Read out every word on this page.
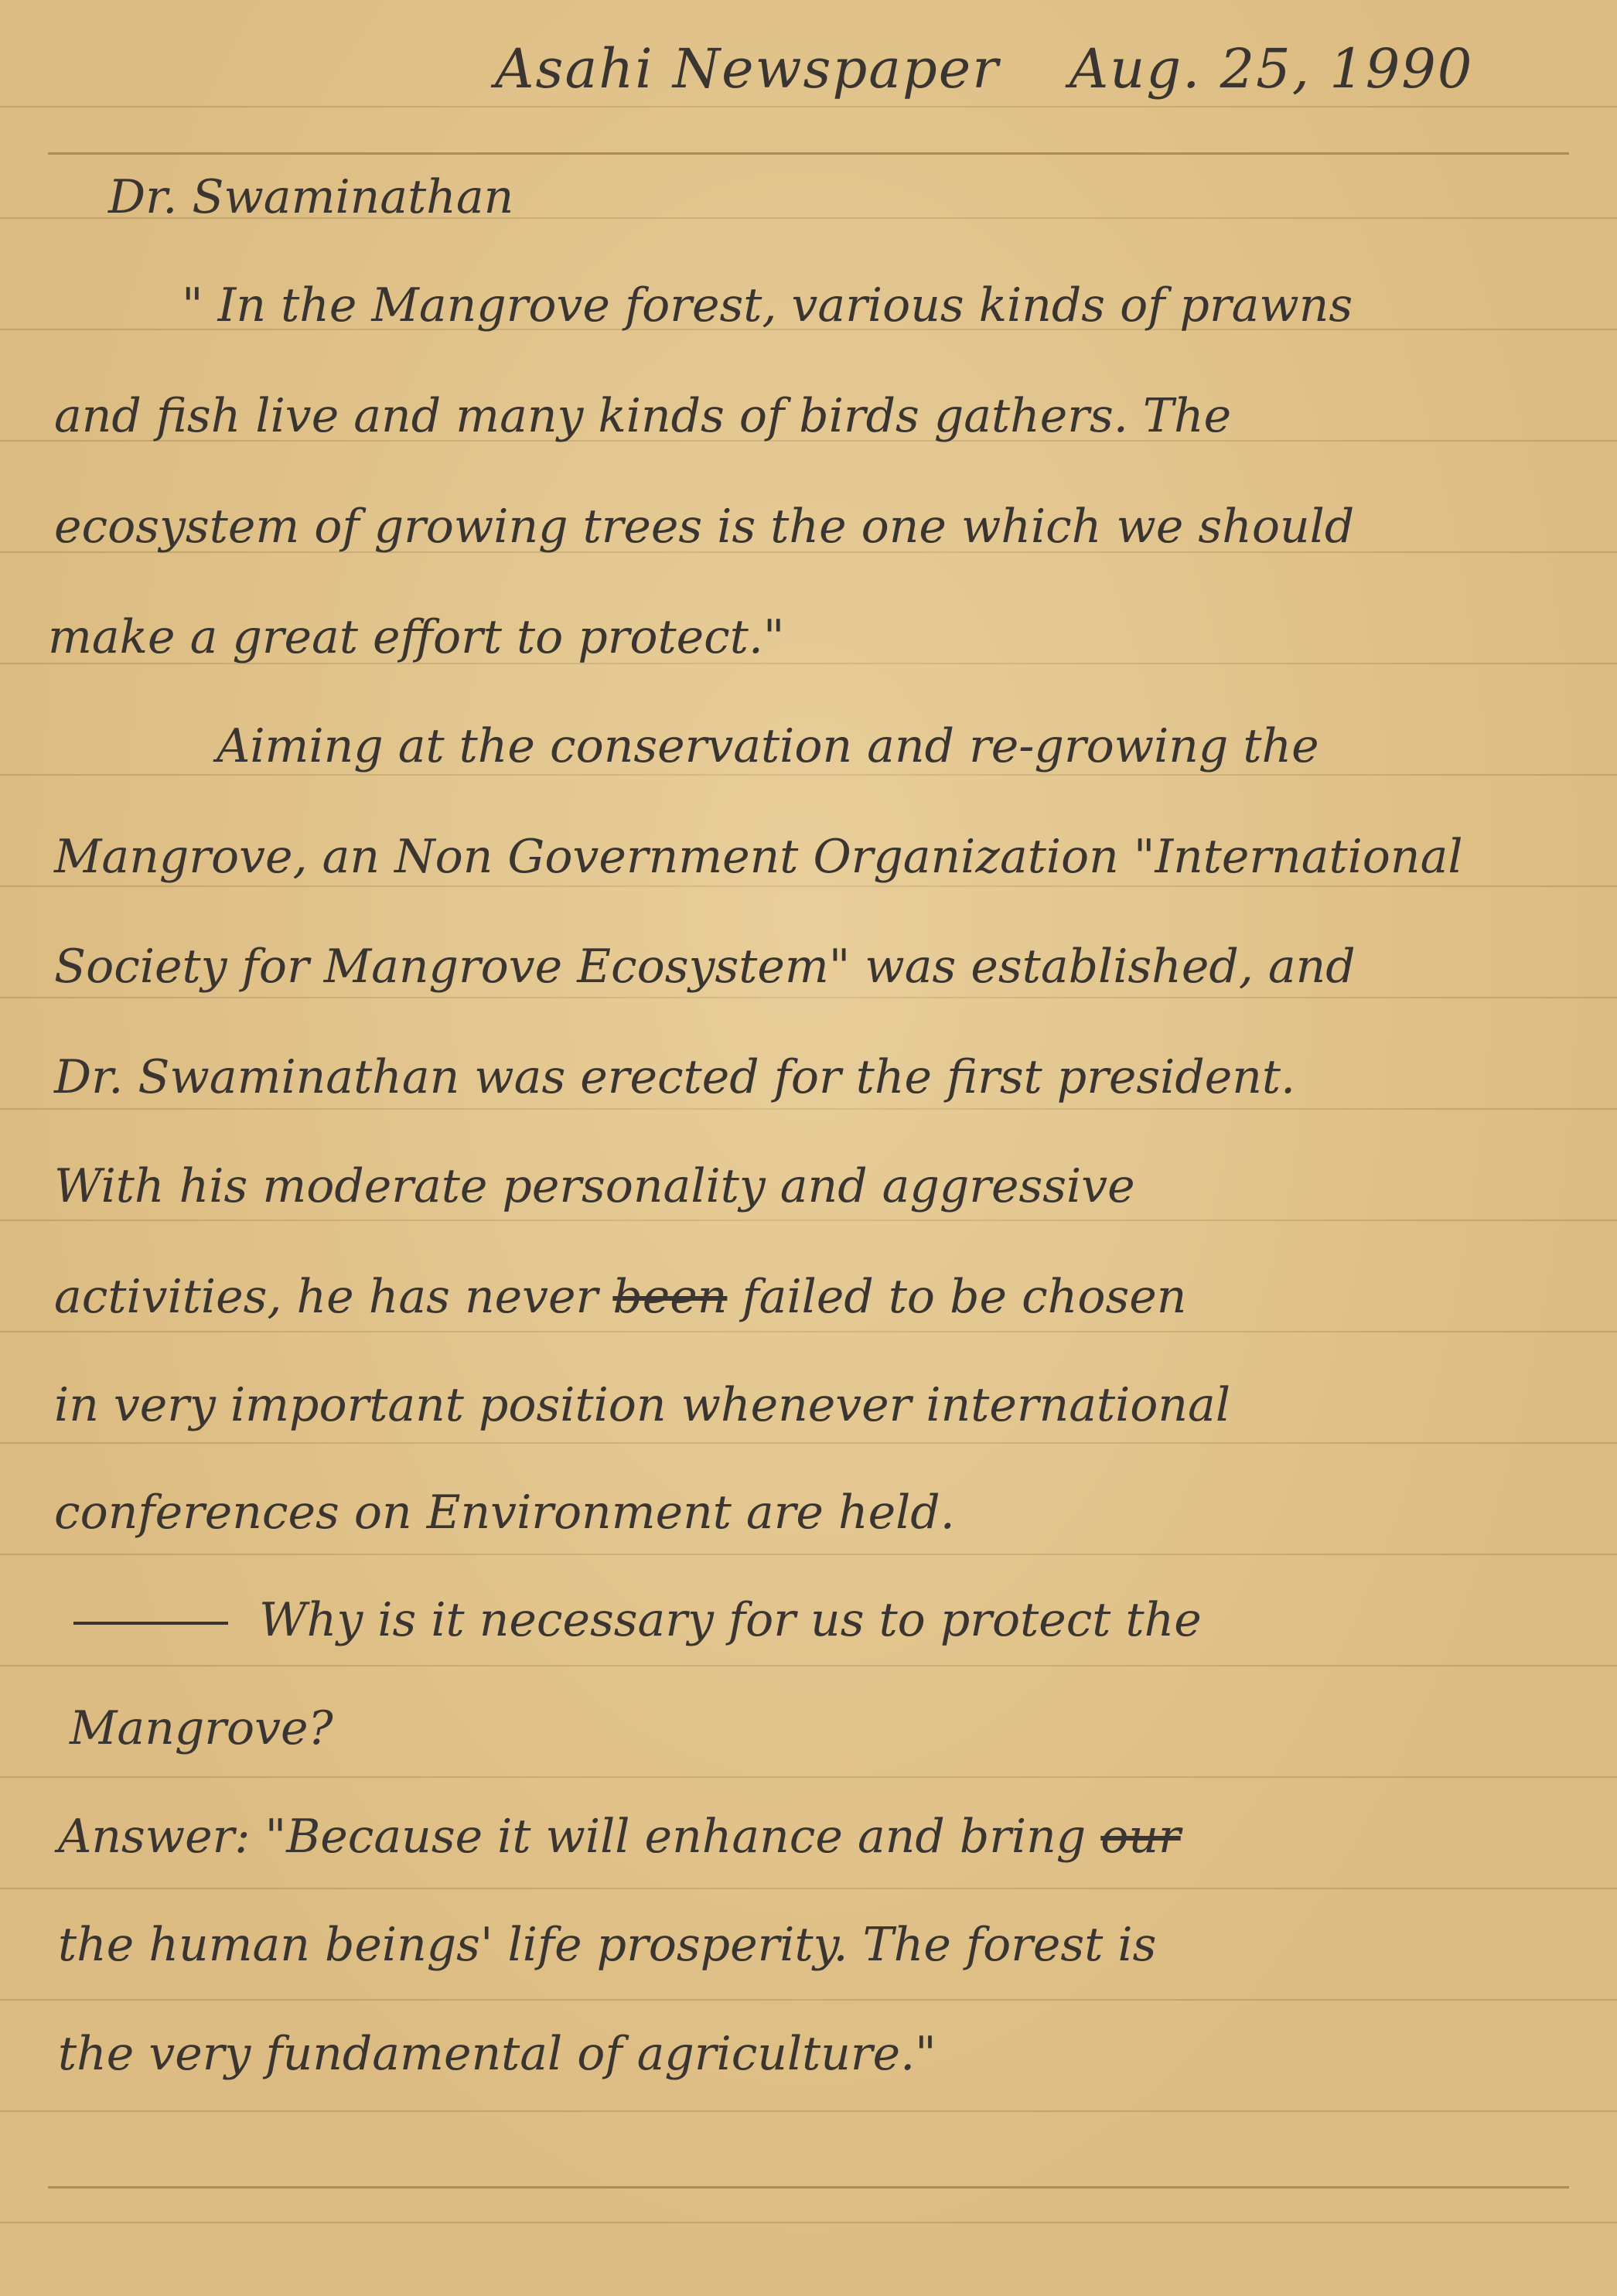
Asahi Newspaper Aug. 25, 1990
Dr. Swaminathan
" In the Mangrove forest, various kinds of prawns
and fish live and many kinds of birds gathers. The
ecosystem of growing trees is the one which we should
make a great effort to protect."
Aiming at the conservation and re-growing the
Mangrove, an Non Government Organization "International
Society for Mangrove Ecosystem" was established, and
Dr. Swaminathan was erected for the first president.
With his moderate personality and aggressive
activities, he has never been failed to be chosen
in very important position whenever international
conferences on Environment are held.
Why is it necessary for us to protect the
Mangrove?
Answer: "Because it will enhance and bring our
the human beings' life prosperity. The forest is
the very fundamental of agriculture."
